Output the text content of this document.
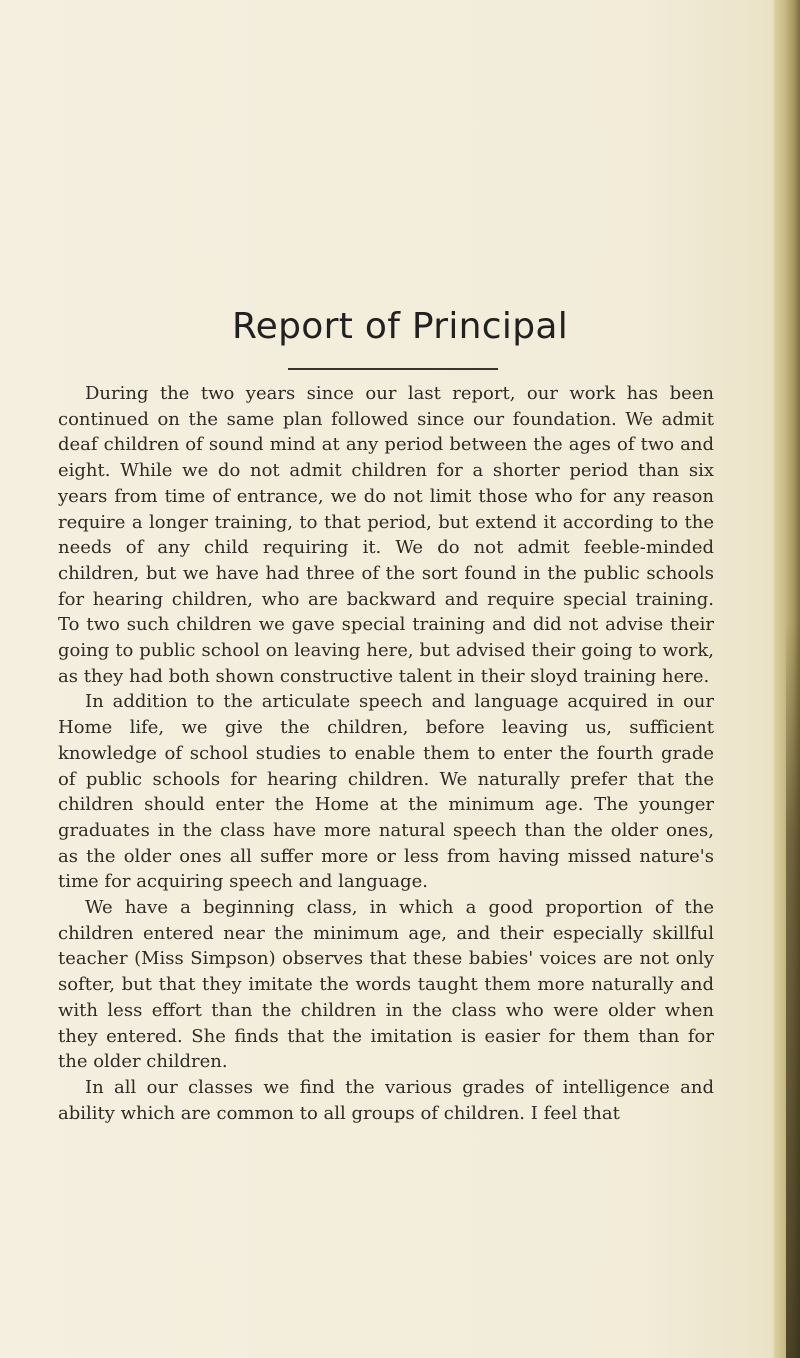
Report of Principal

During the two years since our last report, our work has been continued on the same plan followed since our foundation. We admit deaf children of sound mind at any period between the ages of two and eight. While we do not admit children for a shorter period than six years from time of entrance, we do not limit those who for any reason require a longer training, to that period, but extend it according to the needs of any child requiring it. We do not admit feeble-minded children, but we have had three of the sort found in the public schools for hearing children, who are backward and require special training. To two such children we gave special training and did not advise their going to public school on leaving here, but advised their going to work, as they had both shown constructive talent in their sloyd training here.

In addition to the articulate speech and language acquired in our Home life, we give the children, before leaving us, sufficient knowledge of school studies to enable them to enter the fourth grade of public schools for hearing children. We naturally prefer that the children should enter the Home at the minimum age. The younger graduates in the class have more natural speech than the older ones, as the older ones all suffer more or less from having missed nature's time for acquiring speech and language.

We have a beginning class, in which a good proportion of the children entered near the minimum age, and their especially skillful teacher (Miss Simpson) observes that these babies' voices are not only softer, but that they imitate the words taught them more naturally and with less effort than the children in the class who were older when they entered. She finds that the imitation is easier for them than for the older children.

In all our classes we find the various grades of intelligence and ability which are common to all groups of children. I feel that
